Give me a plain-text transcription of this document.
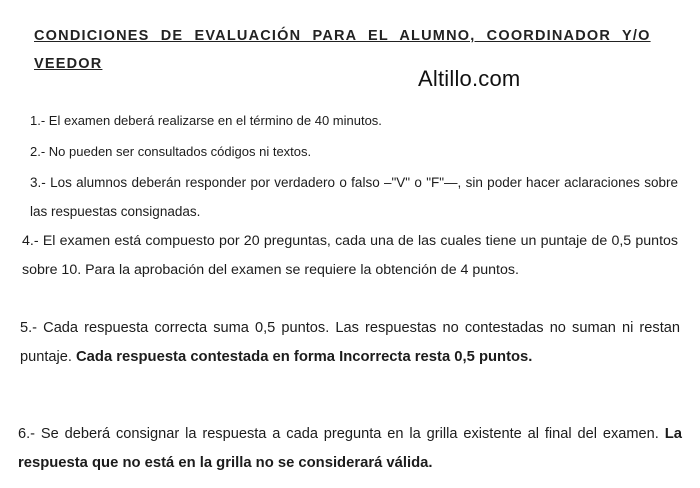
CONDICIONES DE EVALUACIÓN PARA EL ALUMNO, COORDINADOR Y/O VEEDOR
Altillo.com
1.- El examen deberá realizarse en el término de 40 minutos.
2.- No pueden ser consultados códigos ni textos.
3.- Los alumnos deberán responder por verdadero o falso –"V" o "F"—, sin poder hacer aclaraciones sobre las respuestas consignadas.
4.- El examen está compuesto por 20 preguntas, cada una de las cuales tiene un puntaje de 0,5 puntos sobre 10. Para la aprobación del examen se requiere la obtención de 4 puntos.
5.- Cada respuesta correcta suma 0,5 puntos. Las respuestas no contestadas no suman ni restan puntaje. Cada respuesta contestada en forma Incorrecta resta 0,5 puntos.
6.- Se deberá consignar la respuesta a cada pregunta en la grilla existente al final del examen. La respuesta que no está en la grilla no se considerará válida.
